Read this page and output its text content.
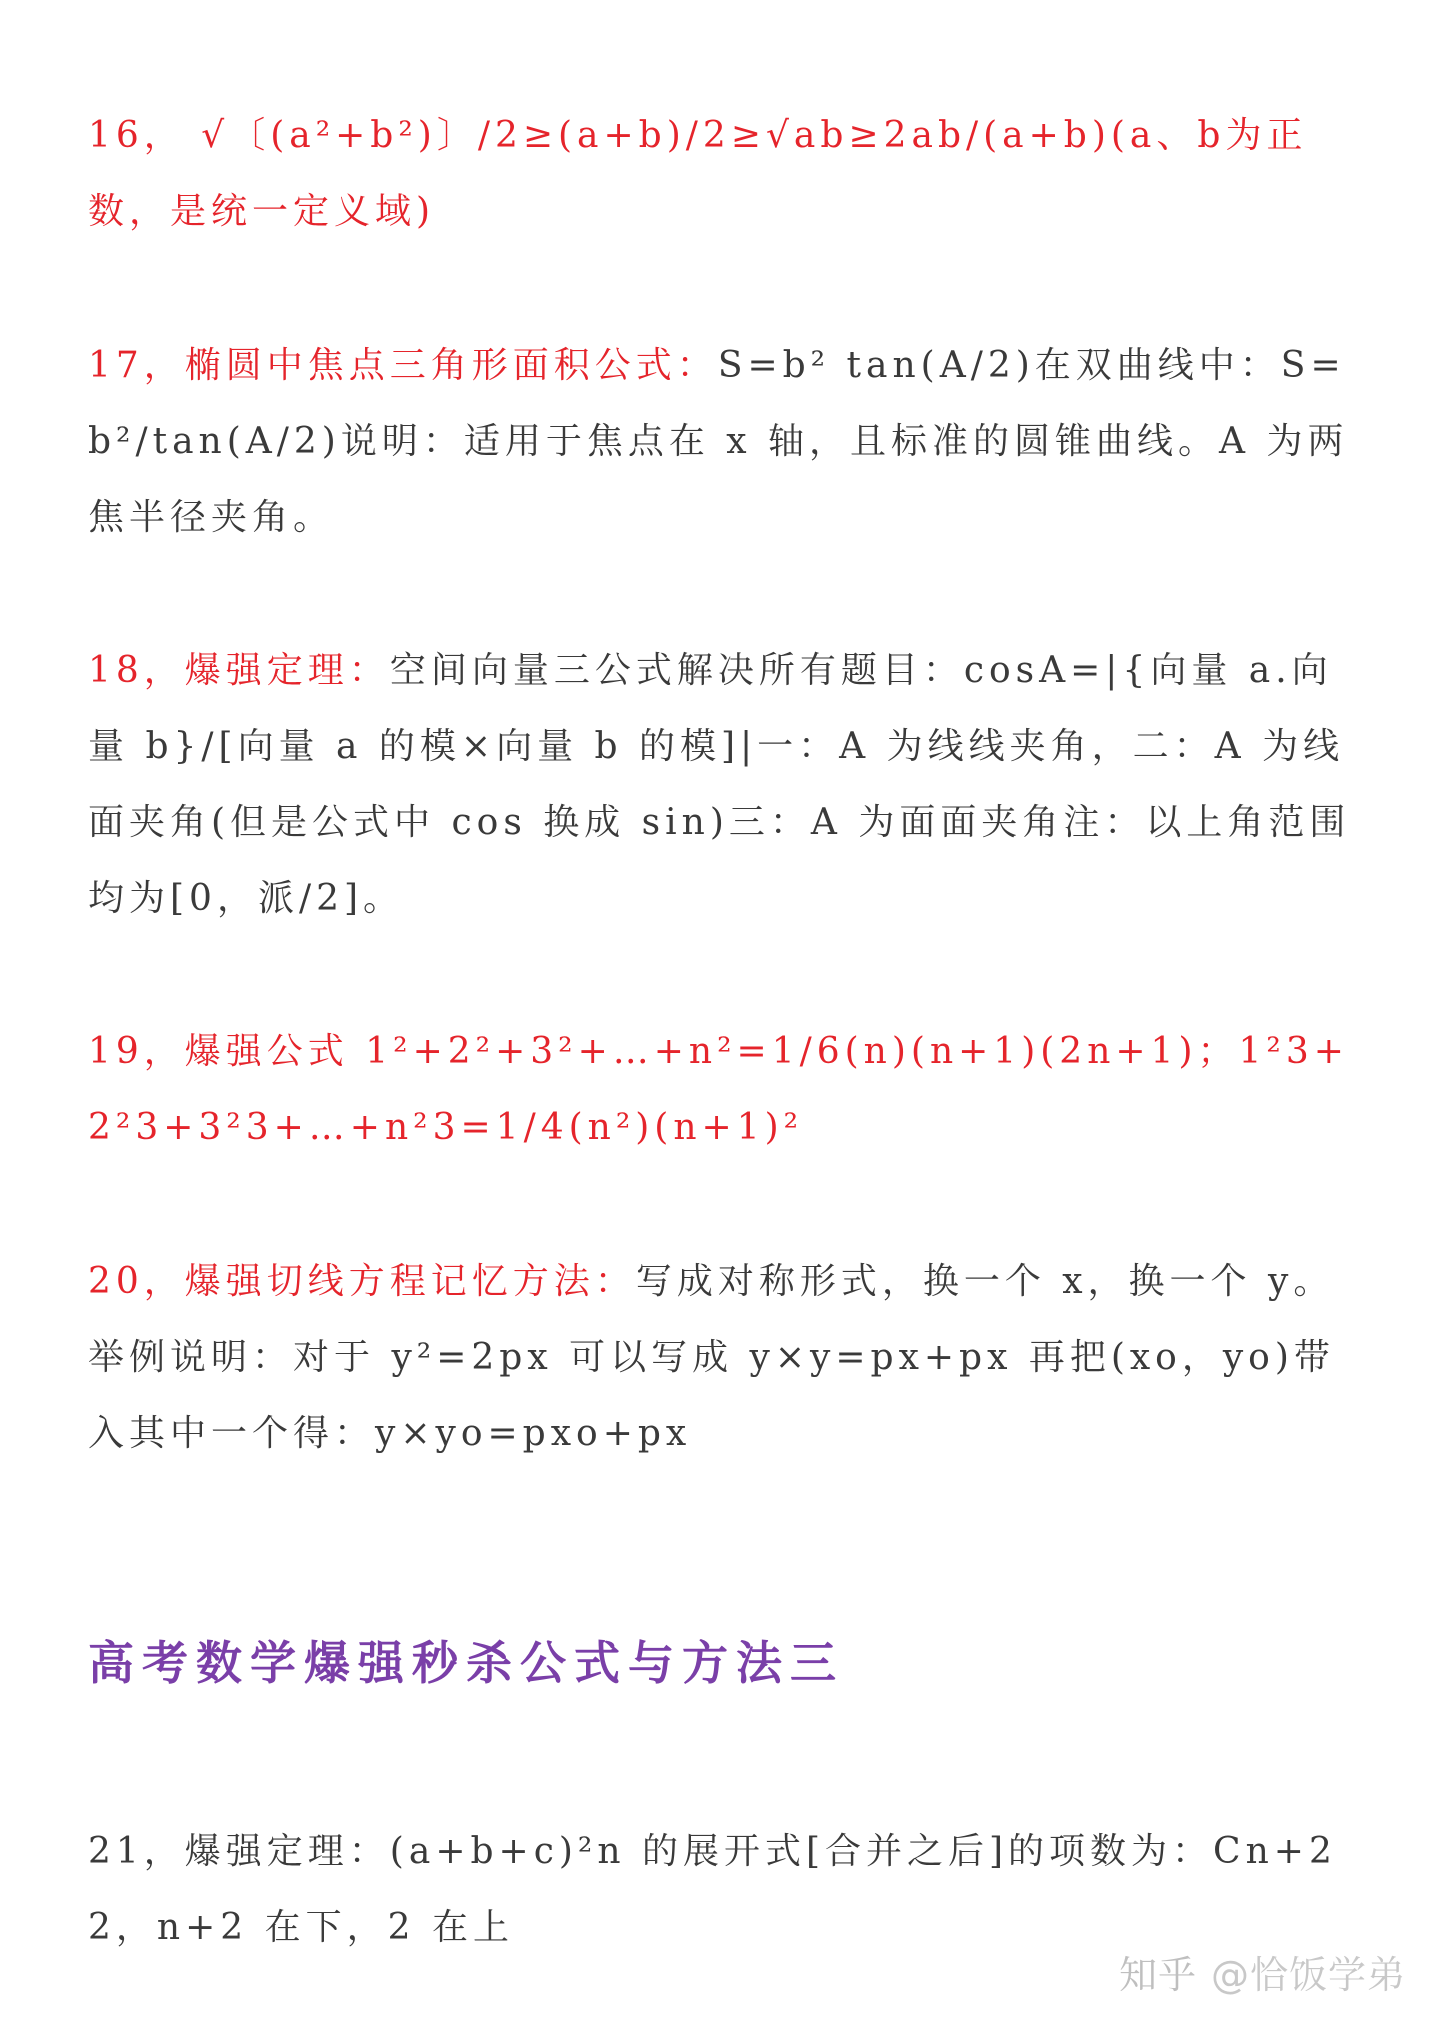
16， √〔(a²+b²)〕/2≥(a+b)/2≥√ab≥2ab/(a+b)(a、b为正数，是统一定义域)

17，椭圆中焦点三角形面积公式：S=b² tan(A/2)在双曲线中：S=b²/tan(A/2)说明：适用于焦点在 x 轴，且标准的圆锥曲线。A 为两焦半径夹角。

18，爆强定理：空间向量三公式解决所有题目：cosA=|{向量 a.向量 b}/[向量 a 的模×向量 b 的模]|一：A 为线线夹角，二：A 为线面夹角(但是公式中 cos 换成 sin)三：A 为面面夹角注：以上角范围均为[0，派/2]。

19，爆强公式 1²+2²+3²+…+n²=1/6(n)(n+1)(2n+1)；1²3+2²3+3²3+…+n²3=1/4(n²)(n+1)²

20，爆强切线方程记忆方法：写成对称形式，换一个 x，换一个 y。举例说明：对于 y²=2px 可以写成 y×y=px+px 再把(xo，yo)带入其中一个得：y×yo=pxo+px

高考数学爆强秒杀公式与方法三

21，爆强定理：(a+b+c)²n 的展开式[合并之后]的项数为：Cn+22，n+2 在下，2 在上

知乎 @恰饭学弟
